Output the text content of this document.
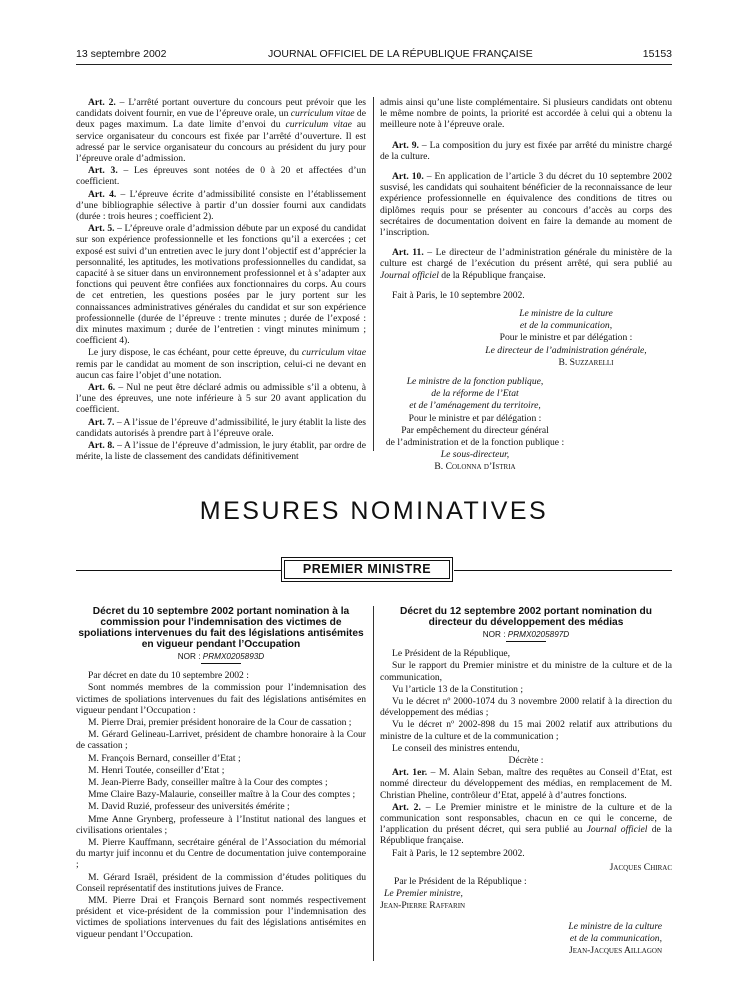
13 septembre 2002	JOURNAL OFFICIEL DE LA RÉPUBLIQUE FRANÇAISE	15153

Art. 2. – L’arrêté portant ouverture du concours peut prévoir que les candidats doivent fournir, en vue de l’épreuve orale, un curriculum vitae de deux pages maximum. La date limite d’envoi du curriculum vitae au service organisateur du concours est fixée par l’arrêté d’ouverture. Il est adressé par le service organisateur du concours au président du jury pour l’épreuve orale d’admission.

Art. 3. – Les épreuves sont notées de 0 à 20 et affectées d’un coefficient.

Art. 4. – L’épreuve écrite d’admissibilité consiste en l’établissement d’une bibliographie sélective à partir d’un dossier fourni aux candidats (durée : trois heures ; coefficient 2).

Art. 5. – L’épreuve orale d’admission débute par un exposé du candidat sur son expérience professionnelle et les fonctions qu’il a exercées ; cet exposé est suivi d’un entretien avec le jury dont l’objectif est d’apprécier la personnalité, les aptitudes, les motivations professionnelles du candidat, sa capacité à se situer dans un environnement professionnel et à s’adapter aux fonctions qui peuvent être confiées aux fonctionnaires du corps. Au cours de cet entretien, les questions posées par le jury portent sur les connaissances administratives générales du candidat et sur son expérience professionnelle (durée de l’épreuve : trente minutes ; durée de l’exposé : dix minutes maximum ; durée de l’entretien : vingt minutes minimum ; coefficient 4).

Le jury dispose, le cas échéant, pour cette épreuve, du curriculum vitae remis par le candidat au moment de son inscription, celui-ci ne devant en aucun cas faire l’objet d’une notation.

Art. 6. – Nul ne peut être déclaré admis ou admissible s’il a obtenu, à l’une des épreuves, une note inférieure à 5 sur 20 avant application du coefficient.

Art. 7. – A l’issue de l’épreuve d’admissibilité, le jury établit la liste des candidats autorisés à prendre part à l’épreuve orale.

Art. 8. – A l’issue de l’épreuve d’admission, le jury établit, par ordre de mérite, la liste de classement des candidats définitivement

admis ainsi qu’une liste complémentaire. Si plusieurs candidats ont obtenu le même nombre de points, la priorité est accordée à celui qui a obtenu la meilleure note à l’épreuve orale.

Art. 9. – La composition du jury est fixée par arrêté du ministre chargé de la culture.

Art. 10. – En application de l’article 3 du décret du 10 septembre 2002 susvisé, les candidats qui souhaitent bénéficier de la reconnaissance de leur expérience professionnelle en équivalence des conditions de titres ou diplômes requis pour se présenter au concours d’accès au corps des secrétaires de documentation doivent en faire la demande au moment de l’inscription.

Art. 11. – Le directeur de l’administration générale du ministère de la culture est chargé de l’exécution du présent arrêté, qui sera publié au Journal officiel de la République française.

Fait à Paris, le 10 septembre 2002.

Le ministre de la culture

et de la communication,

Pour le ministre et par délégation :

Le directeur de l’administration générale,

B. Suzzarelli

Le ministre de la fonction publique,

de la réforme de l’Etat

et de l’aménagement du territoire,

Pour le ministre et par délégation :

Par empêchement du directeur général

de l’administration et de la fonction publique :

Le sous-directeur,

B. Colonna d’Istria

MESURES NOMINATIVES
PREMIER MINISTRE

Décret du 10 septembre 2002 portant nomination à la commission pour l’indemnisation des victimes de spoliations intervenues du fait des législations antisémites en vigueur pendant l’Occupation

NOR : PRMX0205893D

Par décret en date du 10 septembre 2002 :

Sont nommés membres de la commission pour l’indemnisation des victimes de spoliations intervenues du fait des législations antisémites en vigueur pendant l’Occupation :

M. Pierre Drai, premier président honoraire de la Cour de cassation ;

M. Gérard Gelineau-Larrivet, président de chambre honoraire à la Cour de cassation ;

M. François Bernard, conseiller d’Etat ;

M. Henri Toutée, conseiller d’Etat ;

M. Jean-Pierre Bady, conseiller maître à la Cour des comptes ;

Mme Claire Bazy-Malaurie, conseiller maître à la Cour des comptes ;

M. David Ruzié, professeur des universités émérite ;

Mme Anne Grynberg, professeure à l’Institut national des langues et civilisations orientales ;

M. Pierre Kauffmann, secrétaire général de l’Association du mémorial du martyr juif inconnu et du Centre de documentation juive contemporaine ;

M. Gérard Israël, président de la commission d’études politiques du Conseil représentatif des institutions juives de France.

MM. Pierre Drai et François Bernard sont nommés respectivement président et vice-président de la commission pour l’indemnisation des victimes de spoliations intervenues du fait des législations antisémites en vigueur pendant l’Occupation.

Décret du 12 septembre 2002 portant nomination du directeur du développement des médias

NOR : PRMX0205897D

Le Président de la République,

Sur le rapport du Premier ministre et du ministre de la culture et de la communication,

Vu l’article 13 de la Constitution ;

Vu le décret nº 2000-1074 du 3 novembre 2000 relatif à la direction du développement des médias ;

Vu le décret nº 2002-898 du 15 mai 2002 relatif aux attributions du ministre de la culture et de la communication ;

Le conseil des ministres entendu,

Décrète :

Art. 1er. – M. Alain Seban, maître des requêtes au Conseil d’Etat, est nommé directeur du développement des médias, en remplacement de M. Christian Pheline, contrôleur d’Etat, appelé à d’autres fonctions.

Art. 2. – Le Premier ministre et le ministre de la culture et de la communication sont responsables, chacun en ce qui le concerne, de l’application du présent décret, qui sera publié au Journal officiel de la République française.

Fait à Paris, le 12 septembre 2002.

Jacques Chirac

Par le Président de la République :

Le Premier ministre,

Jean-Pierre Raffarin

Le ministre de la culture

et de la communication,

Jean-Jacques Aillagon
